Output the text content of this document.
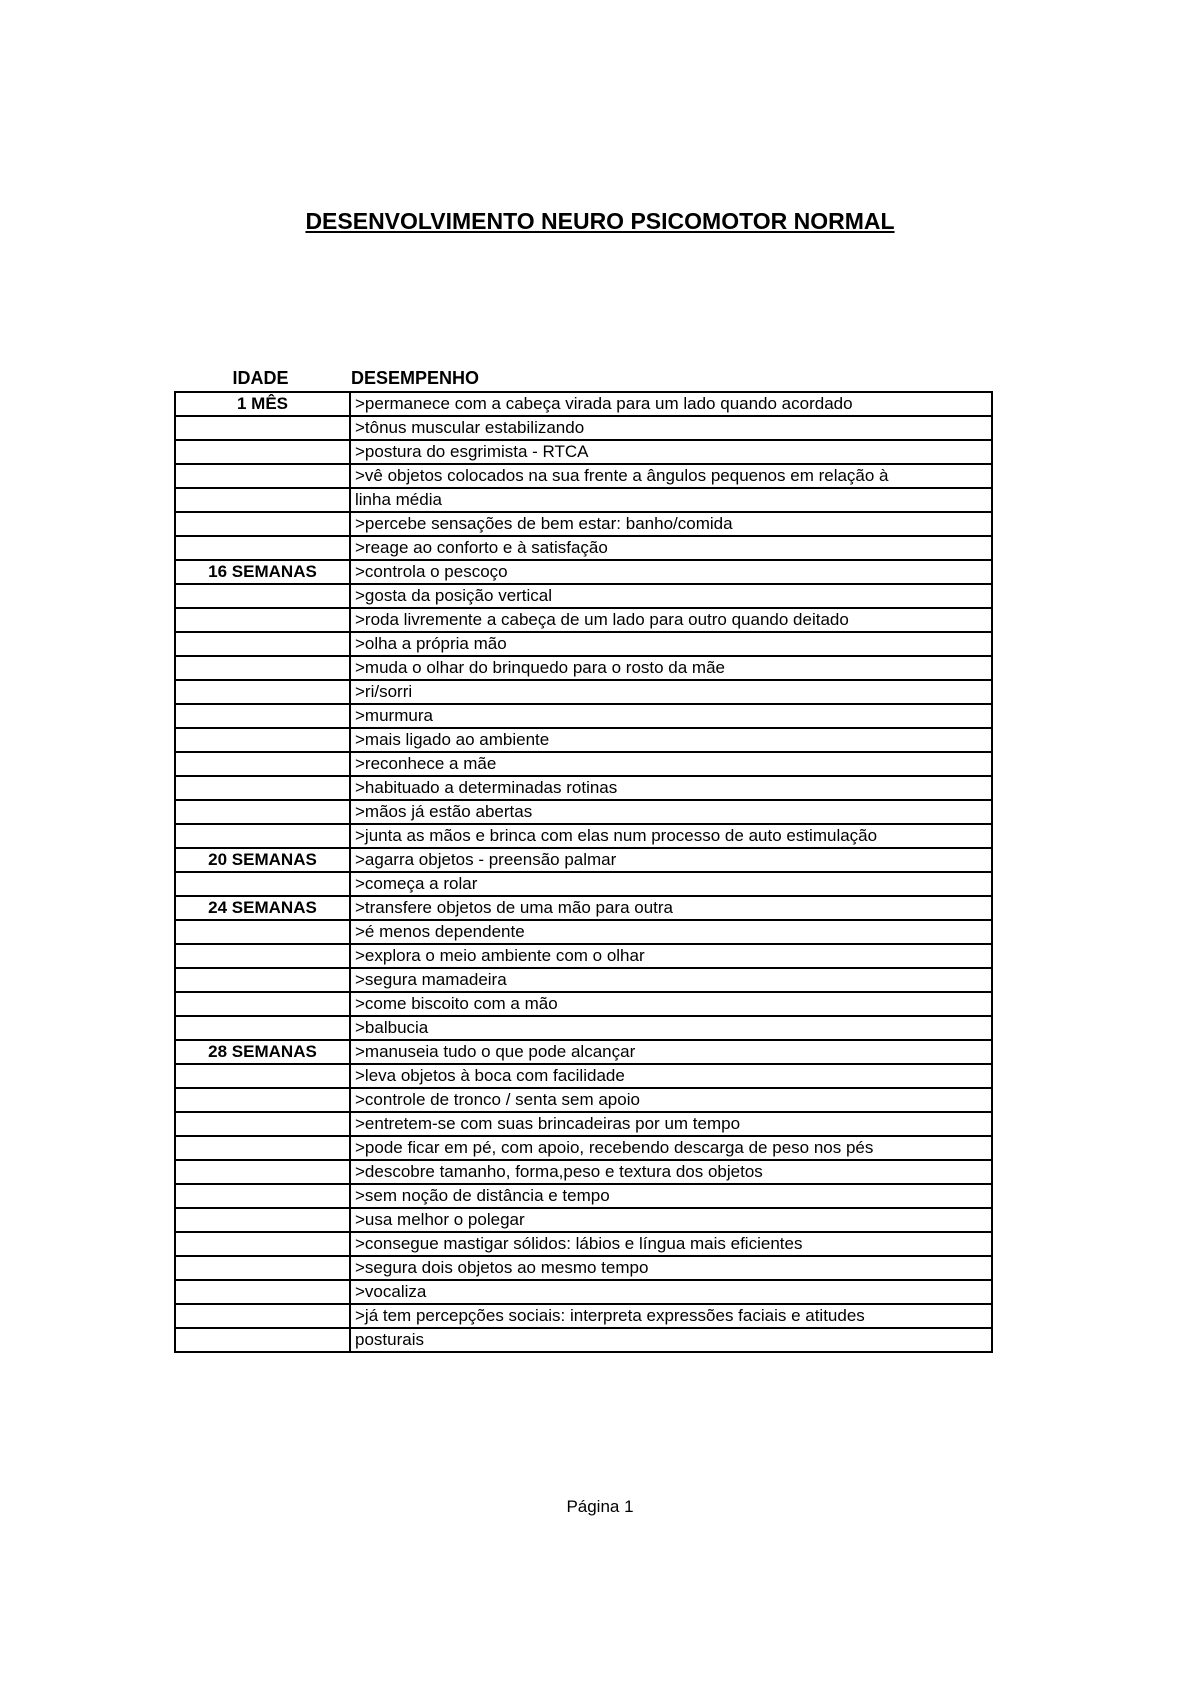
DESENVOLVIMENTO NEURO PSICOMOTOR NORMAL
IDADE	DESEMPENHO
1 MÊS	>permanece com a cabeça virada para um lado quando acordado
	>tônus muscular estabilizando
	>postura do esgrimista - RTCA
	>vê objetos colocados na sua frente a ângulos pequenos em relação à
	linha média
	>percebe sensações de bem estar: banho/comida
	>reage ao conforto e à satisfação
16 SEMANAS	>controla o pescoço
	>gosta da posição vertical
	>roda livremente a cabeça de um lado para outro quando deitado
	>olha a própria mão
	>muda o olhar do brinquedo para o rosto da mãe
	>ri/sorri
	>murmura
	>mais ligado ao ambiente
	>reconhece a mãe
	>habituado a determinadas rotinas
	>mãos já estão abertas
	>junta as mãos e brinca com elas num processo de auto estimulação
20 SEMANAS	>agarra objetos - preensão palmar
	>começa a rolar
24 SEMANAS	>transfere objetos de uma mão para outra
	>é menos dependente
	>explora o meio ambiente com o olhar
	>segura mamadeira
	>come biscoito com a mão
	>balbucia
28 SEMANAS	>manuseia tudo o que pode alcançar
	>leva objetos à boca com facilidade
	>controle de tronco / senta sem apoio
	>entretem-se com suas brincadeiras por um tempo
	>pode ficar em pé, com apoio, recebendo descarga de peso nos pés
	>descobre tamanho, forma,peso e textura dos objetos
	>sem noção de distância e tempo
	>usa melhor o polegar
	>consegue mastigar sólidos: lábios e língua mais eficientes
	>segura dois objetos ao mesmo tempo
	>vocaliza
	>já tem percepções sociais: interpreta expressões faciais e atitudes
	posturais
Página 1
